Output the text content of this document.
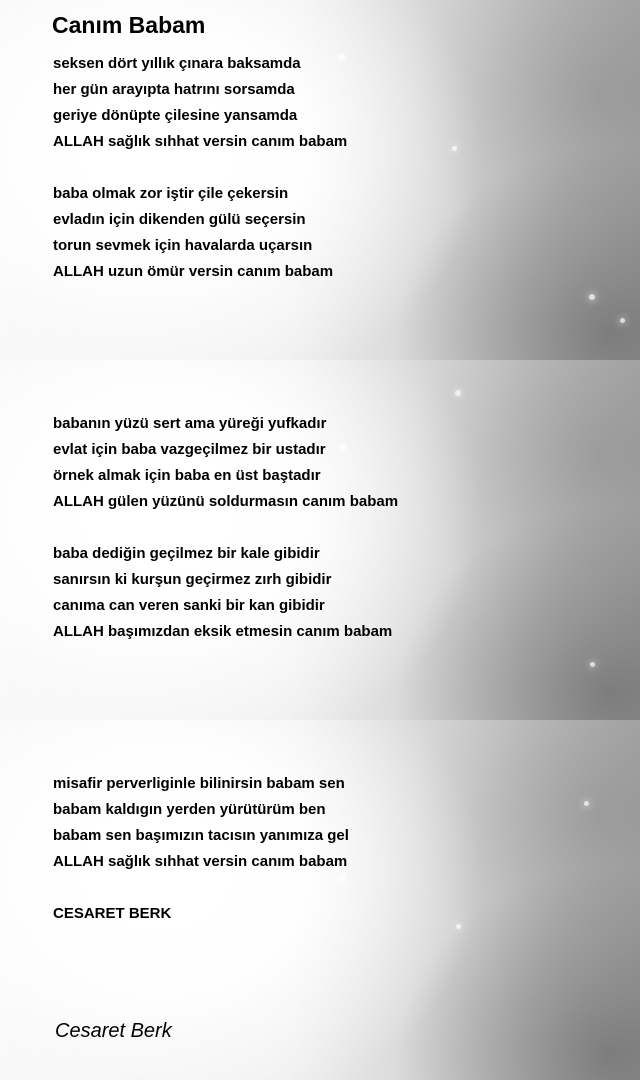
Canım Babam
seksen dört yıllık çınara baksamda
her gün arayıpta hatrını sorsamda
geriye dönüpte çilesine yansamda
ALLAH sağlık sıhhat versin canım babam
baba olmak zor iştir çile çekersin
evladın için dikenden gülü seçersin
torun sevmek için havalarda uçarsın
ALLAH uzun ömür versin canım babam
babanın yüzü sert ama yüreği yufkadır
evlat için baba vazgeçilmez bir ustadır
örnek almak için baba en üst baştadır
ALLAH gülen yüzünü soldurmasın canım babam
baba dediğin geçilmez bir kale gibidir
sanırsın ki kurşun geçirmez zırh gibidir
canıma can veren sanki bir kan gibidir
ALLAH başımızdan eksik etmesin canım babam
misafir perverliginle bilinirsin babam sen
babam kaldıgın yerden yürütürüm ben
babam sen başımızın tacısın yanımıza gel
ALLAH sağlık sıhhat versin canım babam
CESARET BERK
Cesaret Berk
